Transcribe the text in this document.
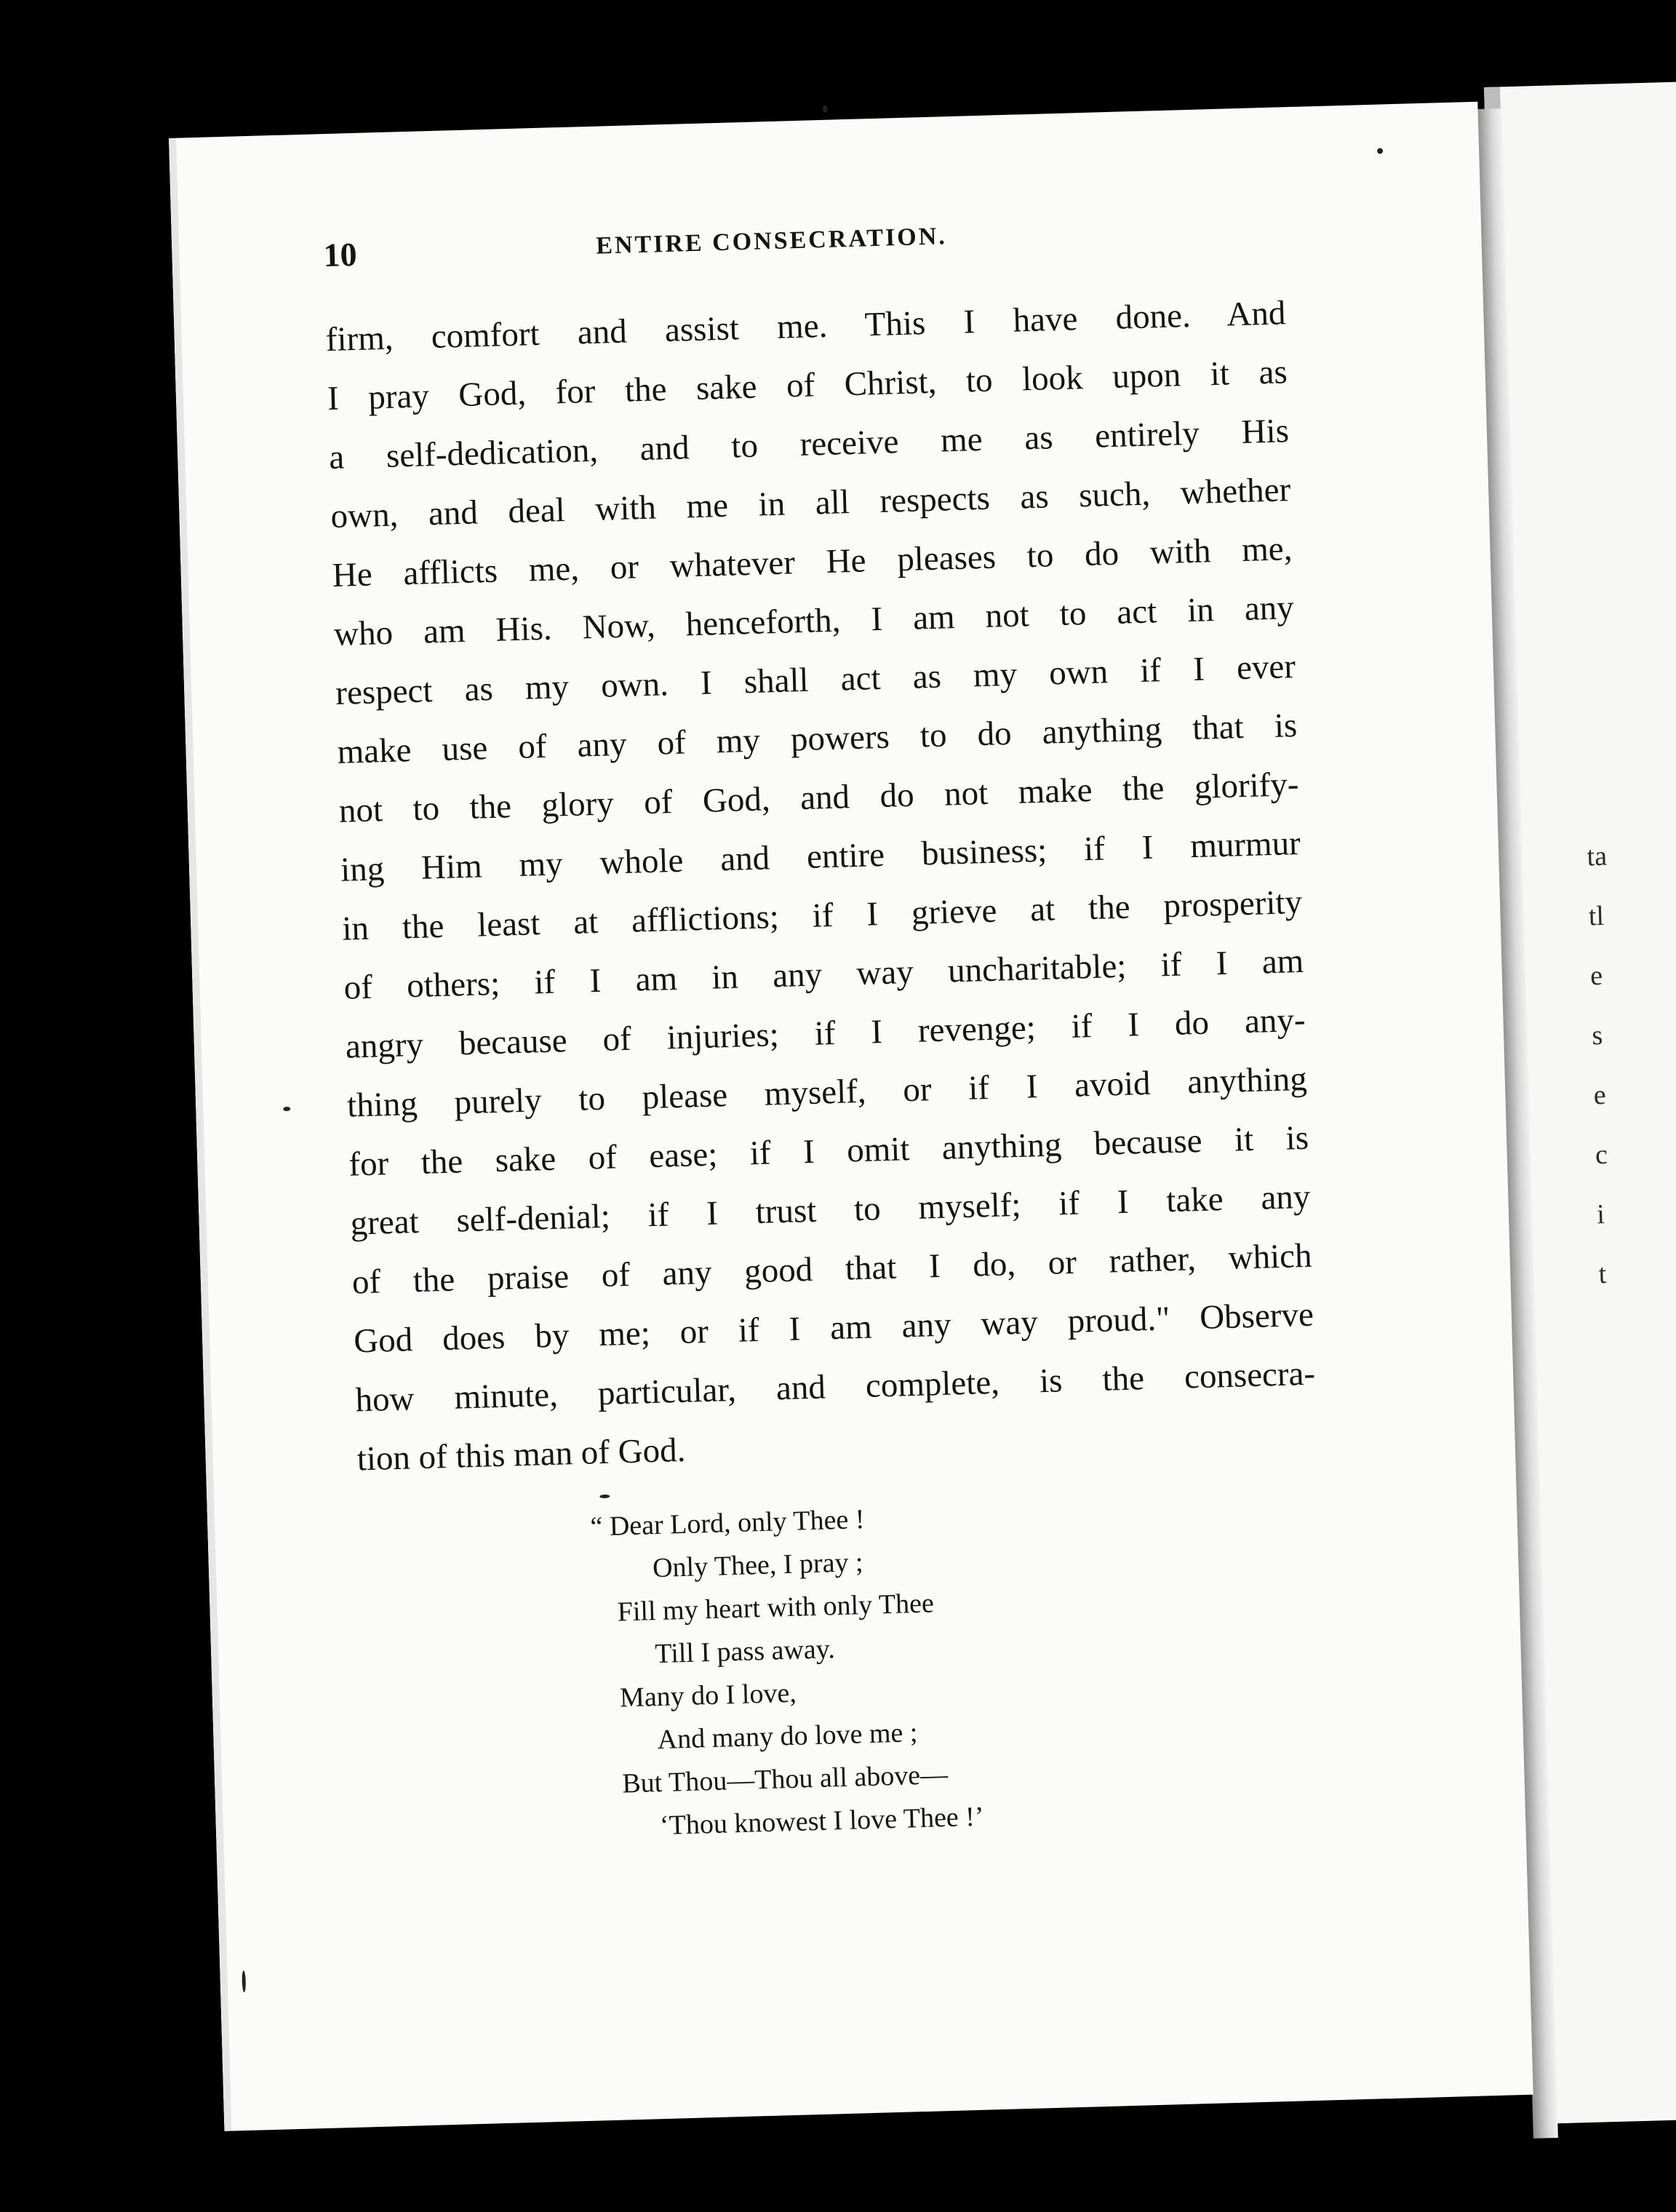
ta
tl
e
s
e
c
i
t
10	ENTIRE CONSECRATION.
firm, comfort and assist me. This I have done. And
I pray God, for the sake of Christ, to look upon it as
a self-dedication, and to receive me as entirely His
own, and deal with me in all respects as such, whether
He afflicts me, or whatever He pleases to do with me,
who am His. Now, henceforth, I am not to act in any
respect as my own. I shall act as my own if I ever
make use of any of my powers to do anything that is
not to the glory of God, and do not make the glorify-
ing Him my whole and entire business; if I murmur
in the least at afflictions; if I grieve at the prosperity
of others; if I am in any way uncharitable; if I am
angry because of injuries; if I revenge; if I do any-
thing purely to please myself, or if I avoid anything
for the sake of ease; if I omit anything because it is
great self-denial; if I trust to myself; if I take any
of the praise of any good that I do, or rather, which
God does by me; or if I am any way proud." Observe
how minute, particular, and complete, is the consecra-
tion of this man of God.
“ Dear Lord, only Thee !
Only Thee, I pray ;
Fill my heart with only Thee
Till I pass away.
Many do I love,
And many do love me ;
But Thou—Thou all above—
‘Thou knowest I love Thee !’
